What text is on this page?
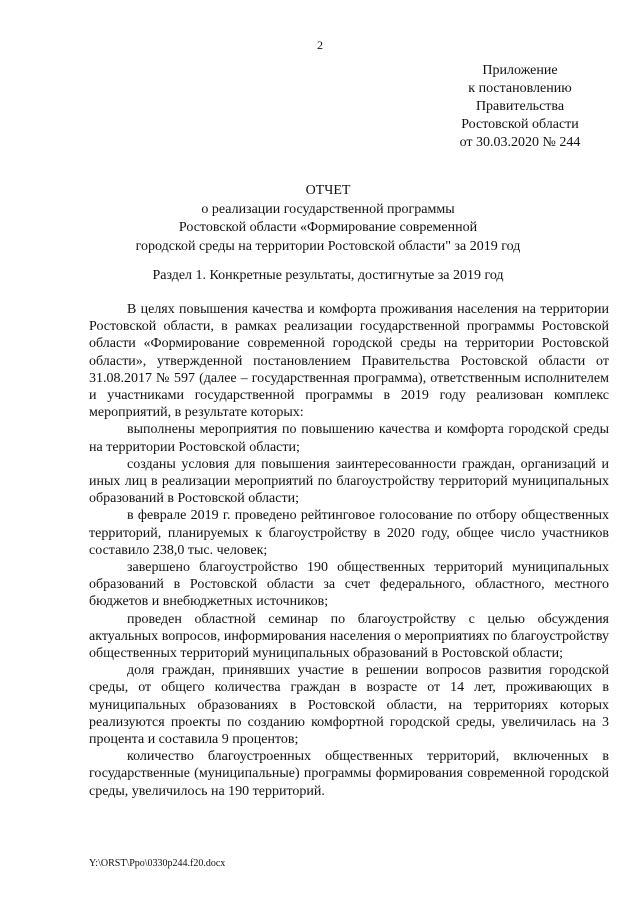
2
Приложение
к постановлению
Правительства
Ростовской области
от 30.03.2020 № 244
ОТЧЕТ
о реализации государственной программы
Ростовской области «Формирование современной
городской среды на территории Ростовской области" за 2019 год
Раздел 1. Конкретные результаты, достигнутые за 2019 год

В целях повышения качества и комфорта проживания населения на территории Ростовской области, в рамках реализации государственной программы Ростовской области «Формирование современной городской среды на территории Ростовской области», утвержденной постановлением Правительства Ростовской области от 31.08.2017 № 597 (далее – государственная программа), ответственным исполнителем и участниками государственной программы в 2019 году реализован комплекс мероприятий, в результате которых:

выполнены мероприятия по повышению качества и комфорта городской среды на территории Ростовской области;

созданы условия для повышения заинтересованности граждан, организаций и иных лиц в реализации мероприятий по благоустройству территорий муниципальных образований в Ростовской области;

в феврале 2019 г. проведено рейтинговое голосование по отбору общественных территорий, планируемых к благоустройству в 2020 году, общее число участников составило 238,0 тыс. человек;

завершено благоустройство 190 общественных территорий муниципальных образований в Ростовской области за счет федерального, областного, местного бюджетов и внебюджетных источников;

проведен областной семинар по благоустройству с целью обсуждения актуальных вопросов, информирования населения о мероприятиях по благоустройству общественных территорий муниципальных образований в Ростовской области;

доля граждан, принявших участие в решении вопросов развития городской среды, от общего количества граждан в возрасте от 14 лет, проживающих в муниципальных образованиях в Ростовской области, на территориях которых реализуются проекты по созданию комфортной городской среды, увеличилась на 3 процента и составила 9 процентов;

количество благоустроенных общественных территорий, включенных в государственные (муниципальные) программы формирования современной городской среды, увеличилось на 190 территорий.

Y:\ORST\Ppo\0330p244.f20.docx
